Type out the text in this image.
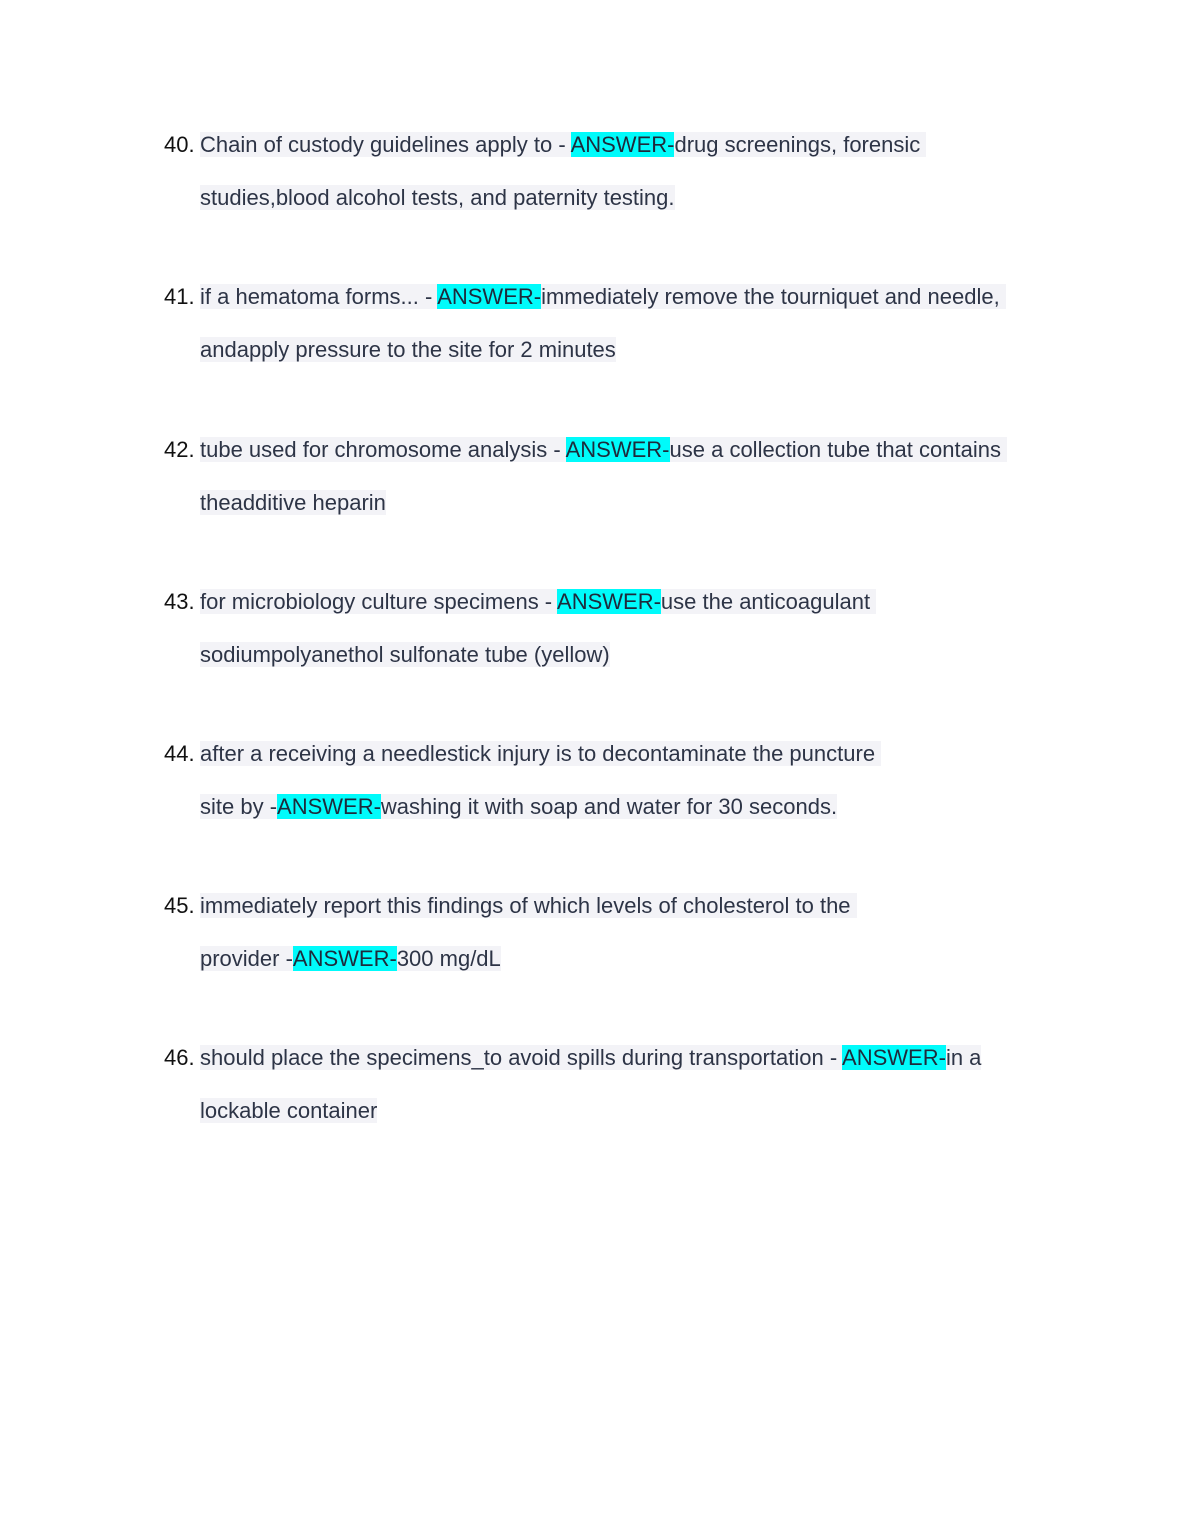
40. Chain of custody guidelines apply to - ANSWER-drug screenings, forensic
studies,blood alcohol tests, and paternity testing.
41. if a hematoma forms... - ANSWER-immediately remove the tourniquet and needle,
andapply pressure to the site for 2 minutes
42. tube used for chromosome analysis - ANSWER-use a collection tube that contains
theadditive heparin
43. for microbiology culture specimens - ANSWER-use the anticoagulant
sodiumpolyanethol sulfonate tube (yellow)
44. after a receiving a needlestick injury is to decontaminate the puncture
site by -ANSWER-washing it with soap and water for 30 seconds.
45. immediately report this findings of which levels of cholesterol to the
provider -ANSWER-300 mg/dL
46. should place the specimens_to avoid spills during transportation - ANSWER-in a
lockable container
